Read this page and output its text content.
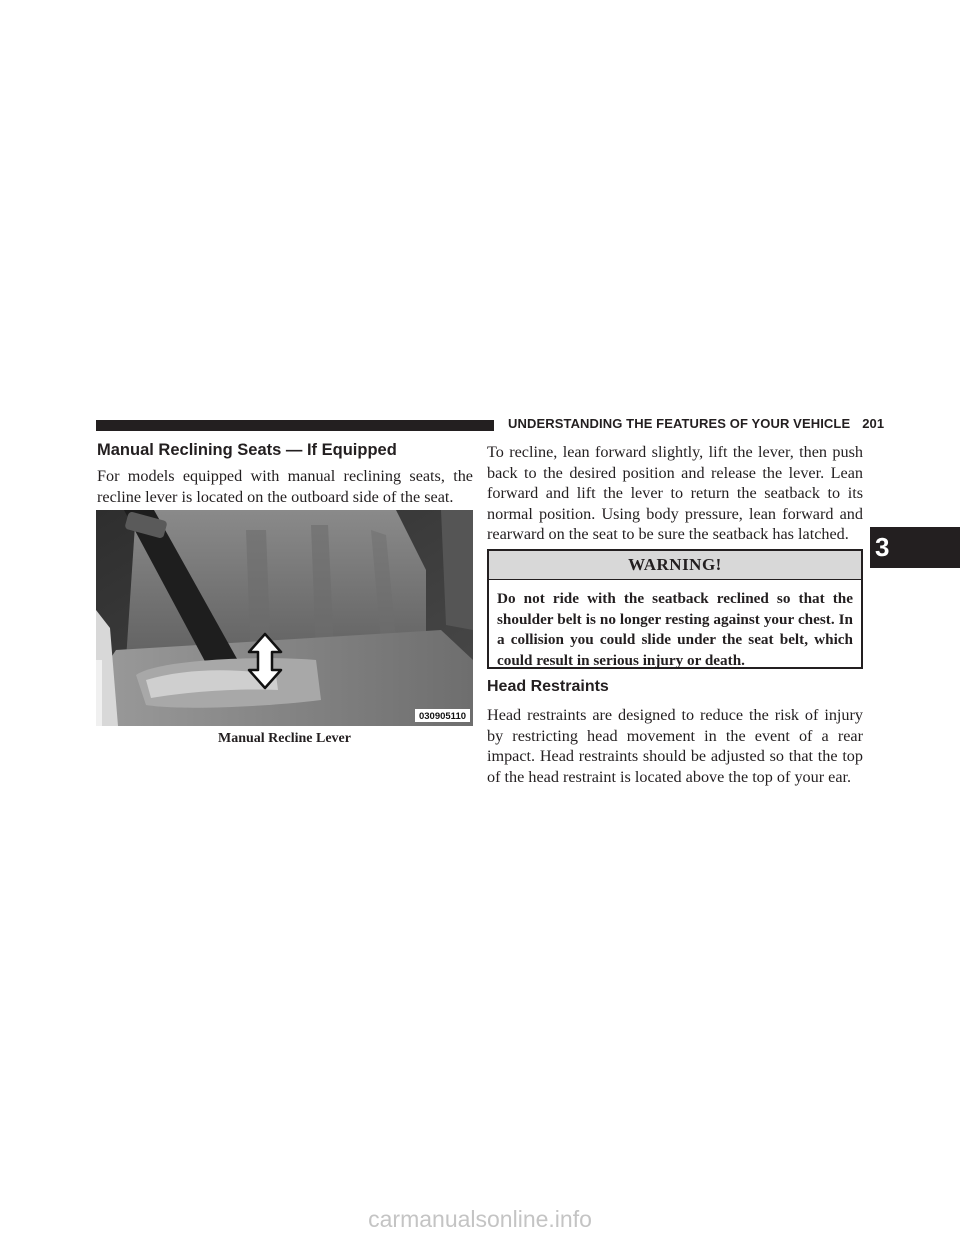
UNDERSTANDING THE FEATURES OF YOUR VEHICLE 201
Manual Reclining Seats — If Equipped

For models equipped with manual reclining seats, the recline lever is located on the outboard side of the seat.

030905110
Manual Recline Lever

To recline, lean forward slightly, lift the lever, then push back to the desired position and release the lever. Lean forward and lift the lever to return the seatback to its normal position. Using body pressure, lean forward and rearward on the seat to be sure the seatback has latched.

WARNING!

Do not ride with the seatback reclined so that the shoulder belt is no longer resting against your chest. In a collision you could slide under the seat belt, which could result in serious injury or death.

Head Restraints

Head restraints are designed to reduce the risk of injury by restricting head movement in the event of a rear impact. Head restraints should be adjusted so that the top of the head restraint is located above the top of your ear.

3
carmanualsonline.info
